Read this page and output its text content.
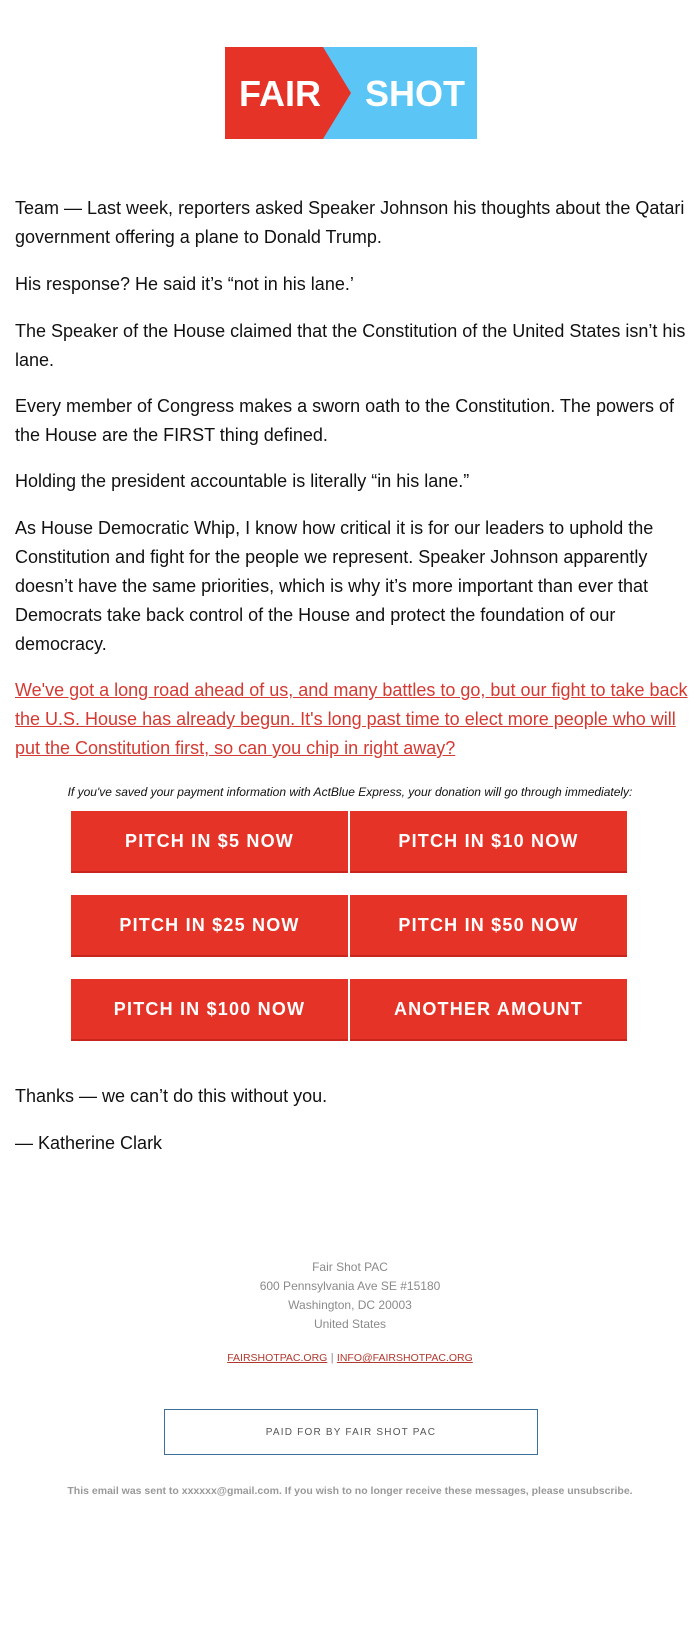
FAIR SHOT

Team — Last week, reporters asked Speaker Johnson his thoughts about the Qatari government offering a plane to Donald Trump.

His response? He said it’s “not in his lane.’

The Speaker of the House claimed that the Constitution of the United States isn’t his lane.

Every member of Congress makes a sworn oath to the Constitution. The powers of the House are the FIRST thing defined.

Holding the president accountable is literally “in his lane.”

As House Democratic Whip, I know how critical it is for our leaders to uphold the Constitution and fight for the people we represent. Speaker Johnson apparently doesn’t have the same priorities, which is why it’s more important than ever that Democrats take back control of the House and protect the foundation of our democracy.

We've got a long road ahead of us, and many battles to go, but our fight to take back the U.S. House has already begun. It's long past time to elect more people who will put the Constitution first, so can you chip in right away?

If you've saved your payment information with ActBlue Express, your donation will go through immediately:
PITCH IN $5 NOW	PITCH IN $10 NOW
PITCH IN $25 NOW	PITCH IN $50 NOW
PITCH IN $100 NOW	ANOTHER AMOUNT

Thanks — we can’t do this without you.

— Katherine Clark

Fair Shot PAC
600 Pennsylvania Ave SE #15180
Washington, DC 20003
United States
FAIRSHOTPAC.ORG | INFO@FAIRSHOTPAC.ORG
PAID FOR BY FAIR SHOT PAC
This email was sent to xxxxxx@gmail.com. If you wish to no longer receive these messages, please unsubscribe.
